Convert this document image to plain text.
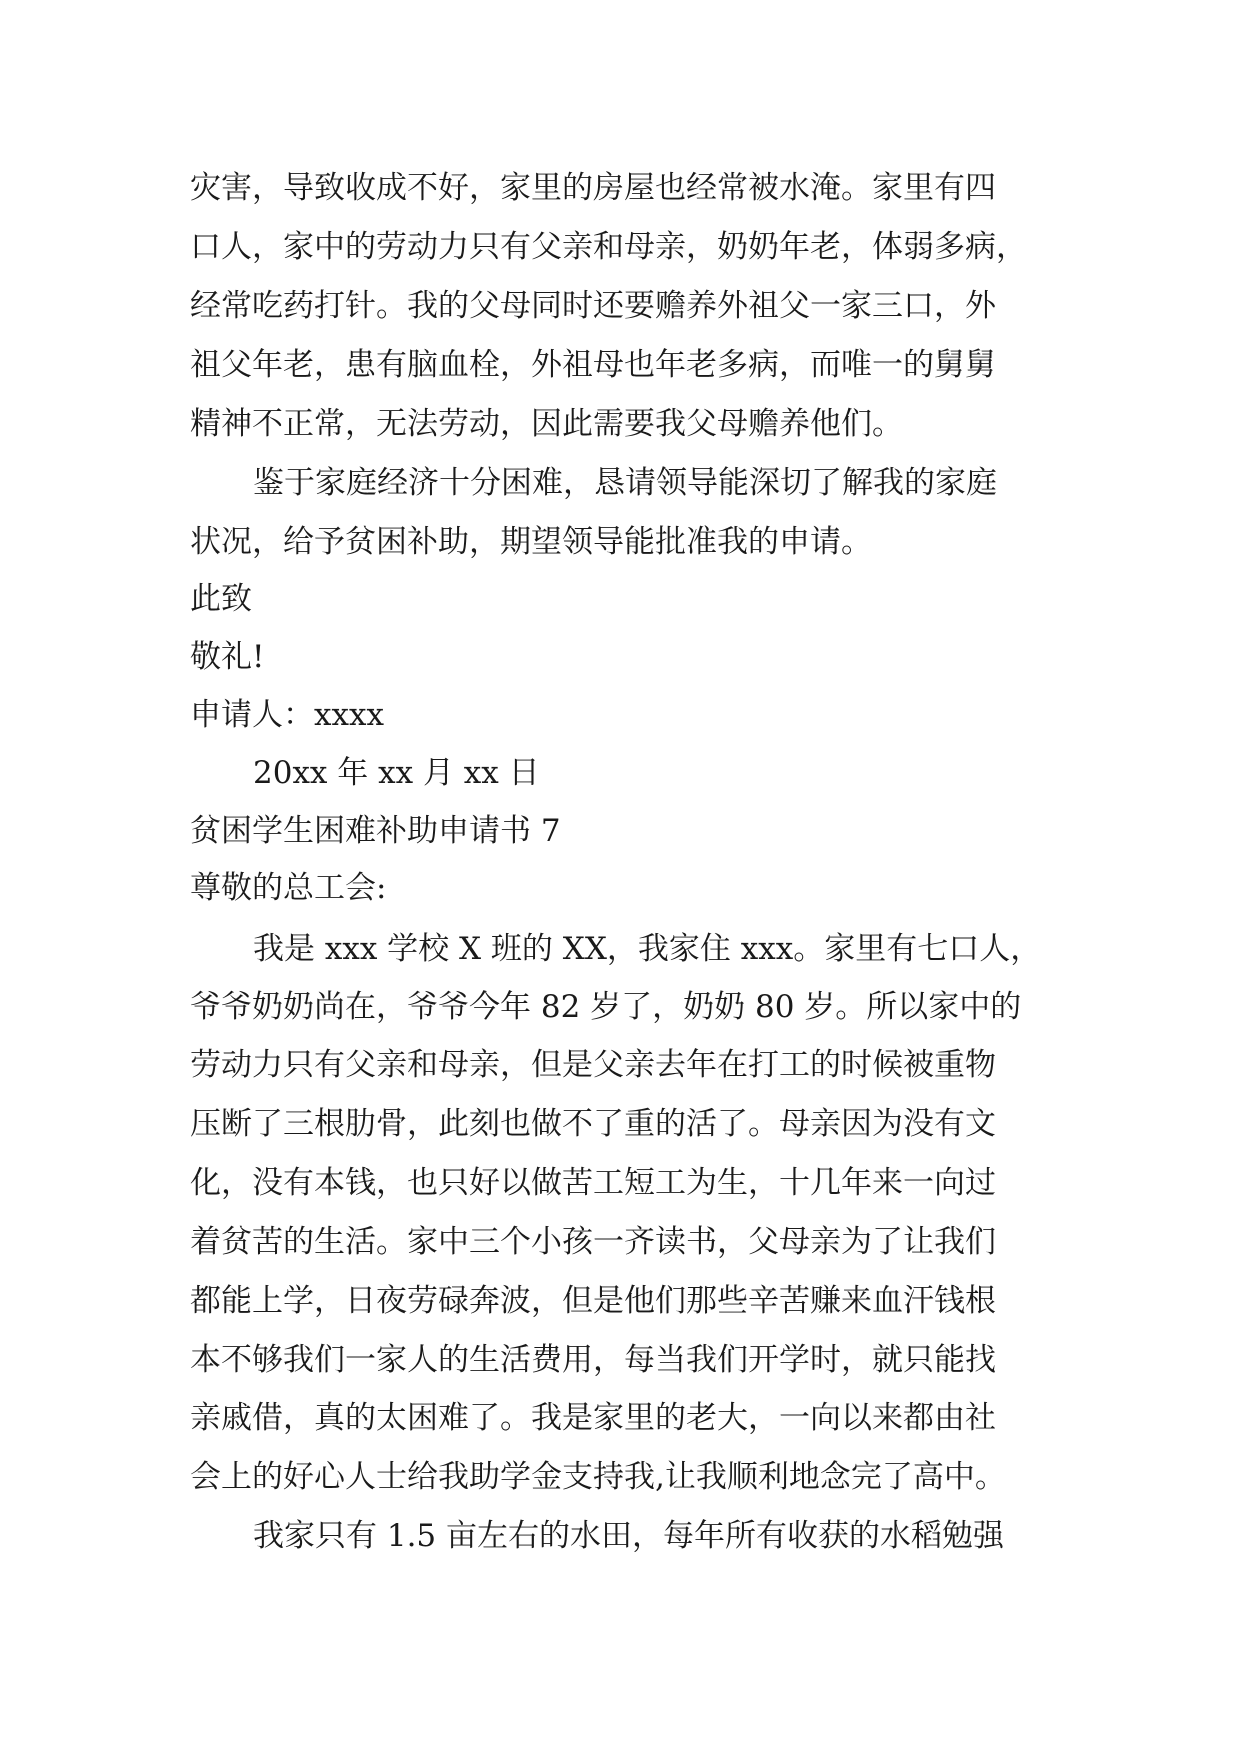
灾害，导致收成不好，家里的房屋也经常被水淹。家里有四

口人，家中的劳动力只有父亲和母亲，奶奶年老，体弱多病，

经常吃药打针。我的父母同时还要赡养外祖父一家三口，外

祖父年老，患有脑血栓，外祖母也年老多病，而唯一的舅舅

精神不正常，无法劳动，因此需要我父母赡养他们。

鉴于家庭经济十分困难，恳请领导能深切了解我的家庭

状况，给予贫困补助，期望领导能批准我的申请。

此致

敬礼!

申请人：xxxx

20xx 年 xx 月 xx 日

贫困学生困难补助申请书 7

尊敬的总工会:

我是 xxx 学校 X 班的 XX，我家住 xxx。家里有七口人，

爷爷奶奶尚在，爷爷今年 82 岁了，奶奶 80 岁。所以家中的

劳动力只有父亲和母亲，但是父亲去年在打工的时候被重物

压断了三根肋骨，此刻也做不了重的活了。母亲因为没有文

化，没有本钱，也只好以做苦工短工为生，十几年来一向过

着贫苦的生活。家中三个小孩一齐读书，父母亲为了让我们

都能上学，日夜劳碌奔波，但是他们那些辛苦赚来血汗钱根

本不够我们一家人的生活费用，每当我们开学时，就只能找

亲戚借，真的太困难了。我是家里的老大，一向以来都由社

会上的好心人士给我助学金支持我,让我顺利地念完了高中。

我家只有 1.5 亩左右的水田，每年所有收获的水稻勉强
